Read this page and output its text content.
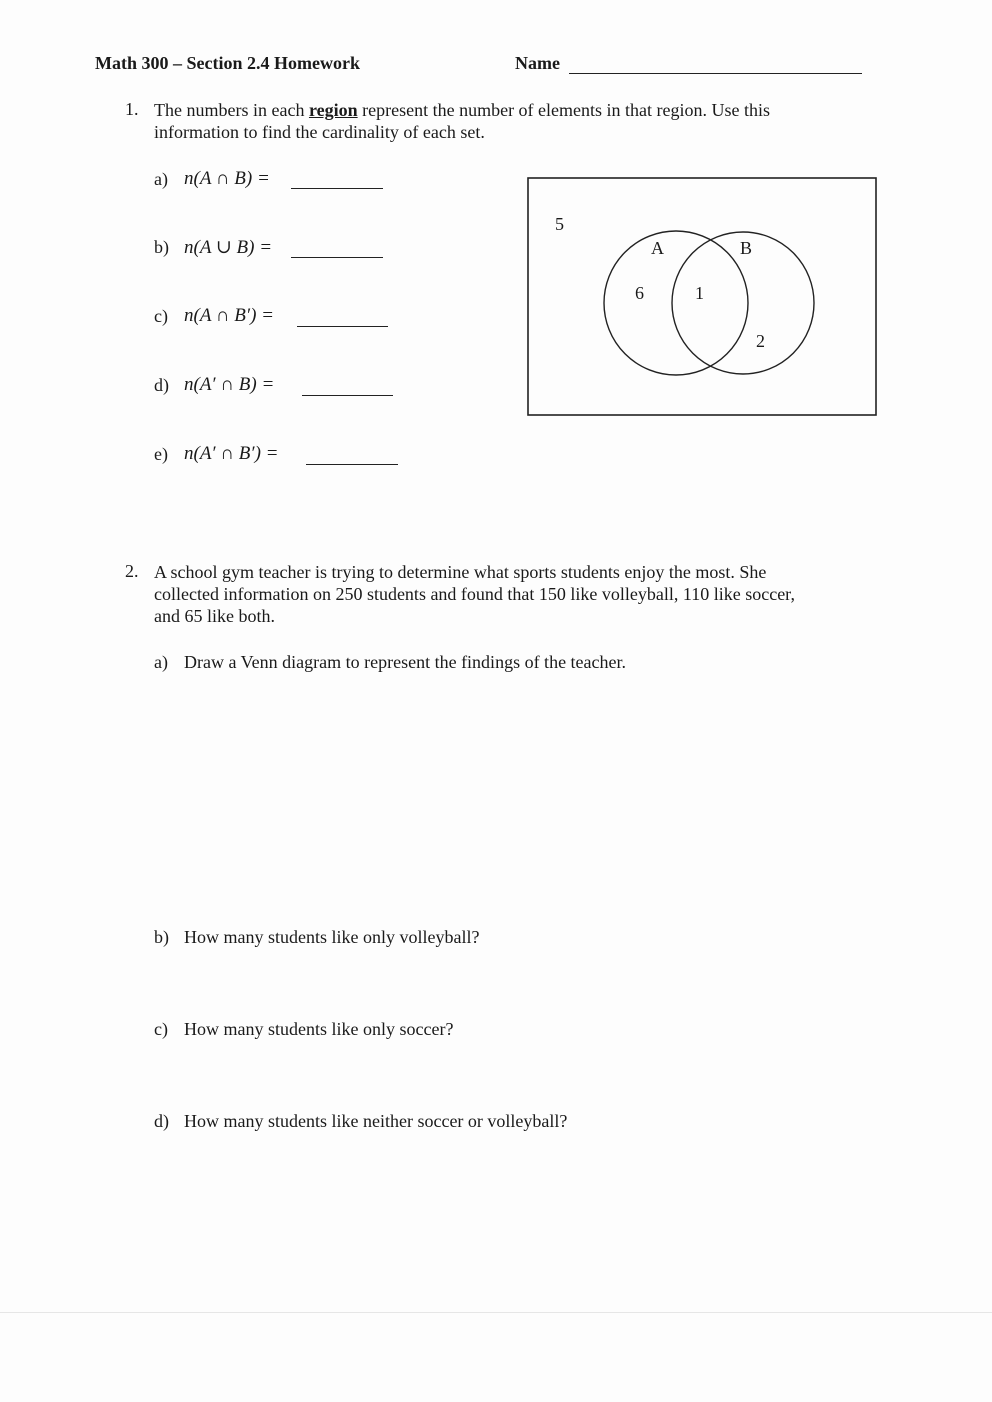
Math 300 – Section 2.4 Homework	Name
1. The numbers in each region represent the number of elements in that region. Use this
information to find the cardinality of each set.
a) n(A ∩ B) =
b) n(A ∪ B) =
c) n(A ∩ B′) =
d) n(A′ ∩ B) =
e) n(A′ ∩ B′) =
5
A	B
6	1
2
2. A school gym teacher is trying to determine what sports students enjoy the most. She
collected information on 250 students and found that 150 like volleyball, 110 like soccer,
and 65 like both.
a) Draw a Venn diagram to represent the findings of the teacher.
b) How many students like only volleyball?
c) How many students like only soccer?
d) How many students like neither soccer or volleyball?
